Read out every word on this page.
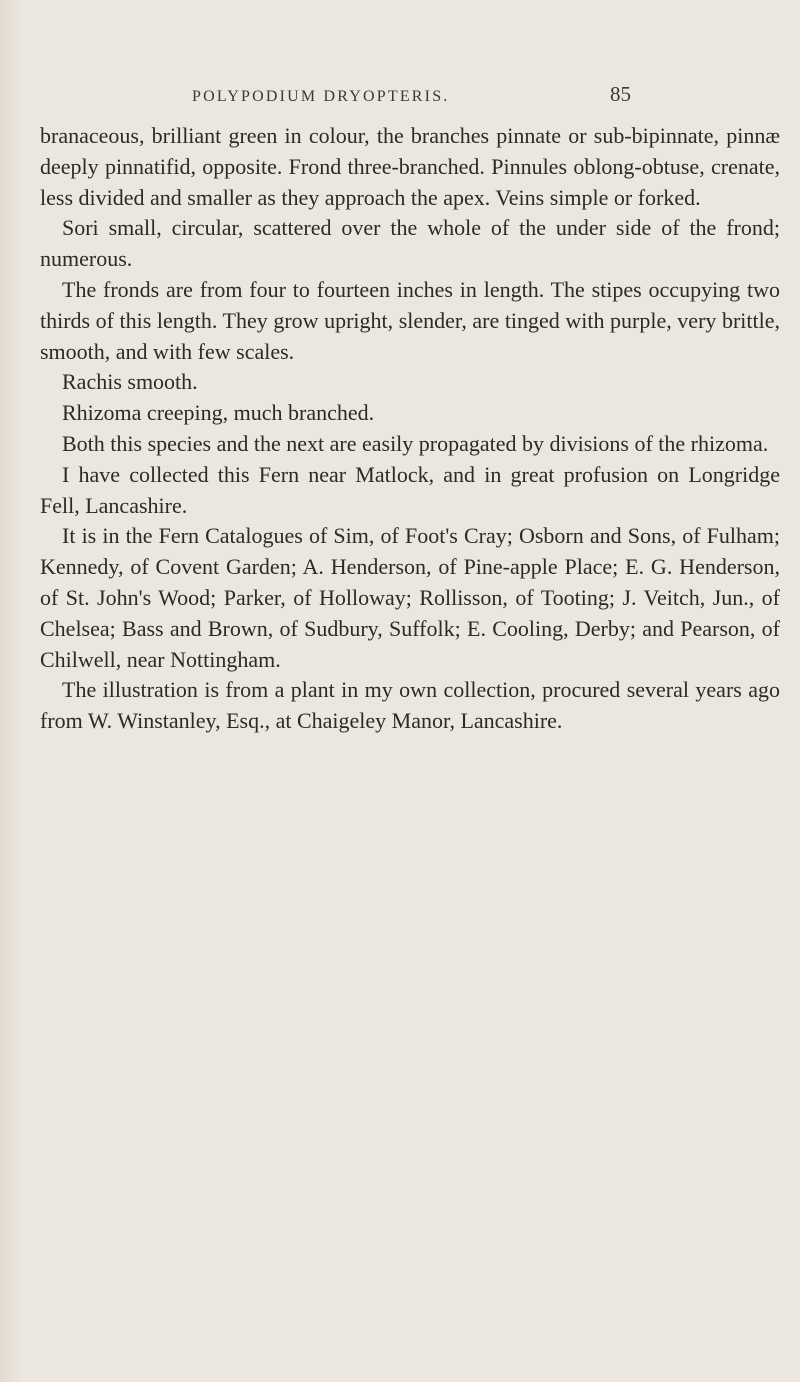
POLYPODIUM DRYOPTERIS.	85

branaceous, brilliant green in colour, the branches pinnate or sub-bipinnate, pinnæ deeply pinnatifid, opposite. Frond three-branched. Pinnules oblong-obtuse, crenate, less divided and smaller as they approach the apex. Veins simple or forked.

Sori small, circular, scattered over the whole of the under side of the frond; numerous.

The fronds are from four to fourteen inches in length. The stipes occupying two thirds of this length. They grow upright, slender, are tinged with purple, very brittle, smooth, and with few scales.

Rachis smooth.

Rhizoma creeping, much branched.

Both this species and the next are easily propagated by divisions of the rhizoma.

I have collected this Fern near Matlock, and in great profusion on Longridge Fell, Lancashire.

It is in the Fern Catalogues of Sim, of Foot's Cray; Osborn and Sons, of Fulham; Kennedy, of Covent Garden; A. Henderson, of Pine-apple Place; E. G. Henderson, of St. John's Wood; Parker, of Holloway; Rollisson, of Tooting; J. Veitch, Jun., of Chelsea; Bass and Brown, of Sudbury, Suffolk; E. Cooling, Derby; and Pearson, of Chilwell, near Nottingham.

The illustration is from a plant in my own collection, procured several years ago from W. Winstanley, Esq., at Chaigeley Manor, Lancashire.
